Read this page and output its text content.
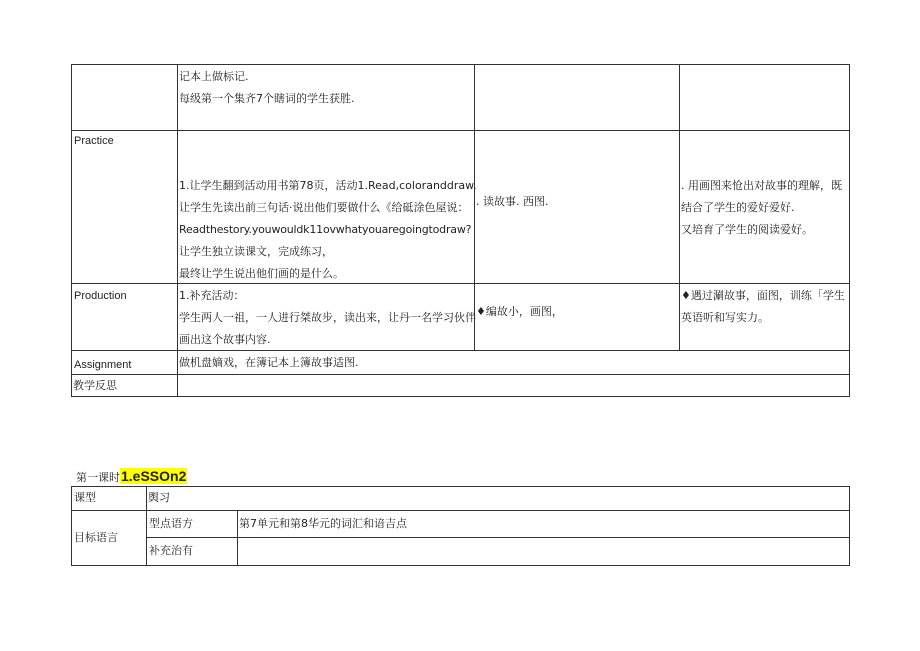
	记本上做标记.
每级第一个集齐7个瞎词的学生获胜.		

Practice	1.让学生翻到活动用书第78页，活动1.Read,coloranddraw.
让学生先读出前三句话·说出他们要做什么《给砥涂色屋说：
Readthestory.youwouldk11ovwhatyouaregoingtodraw?
让学生独立读课文，完成练习，
最终让学生说出他们画的是什么。	. 读故事. 西图.	. 用画图来怆出对故事的理解，既
结合了学生的爱好爱好.
又培育了学生的阅读爱好。

Production	1.补充活动：
学生两人一祖，一人进行桀故步，读出来，让丹一名学习伙伴
画出这个故事内容.	♦编故小，画图，	♦遇过涮故事，面图，训练「学生
英语听和写实力。

Assignment	做机盘嫡戏，在簿记本上簿故事适图.		

教学反思			

第一课时1.eSSOn2
课型	舆习	

目标语言	型点语方	第7单元和第8华元的词汇和谙吉点

	补充治有	
